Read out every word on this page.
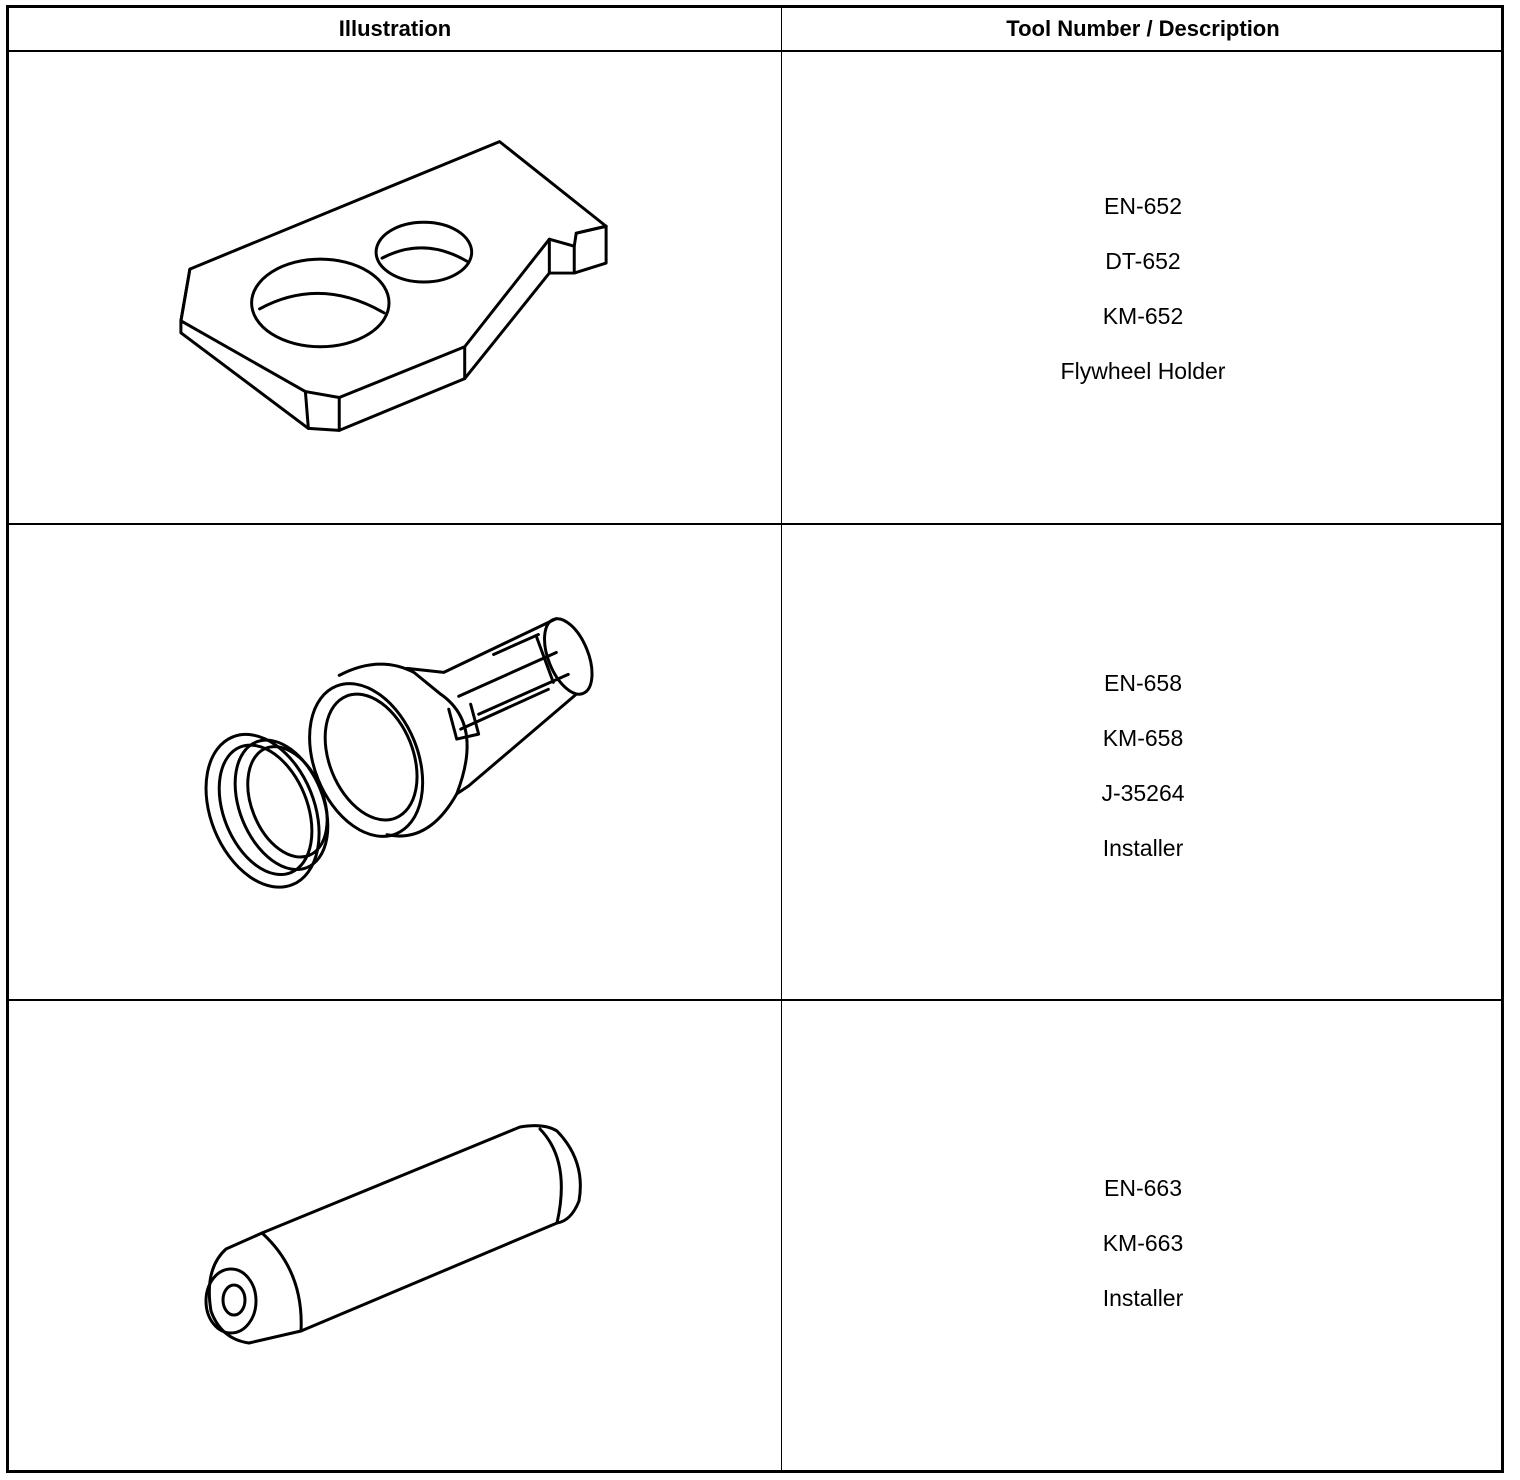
Illustration	Tool Number / Description
EN-652
DT-652
KM-652
Flywheel Holder
EN-658
KM-658
J-35264
Installer
EN-663
KM-663
Installer
